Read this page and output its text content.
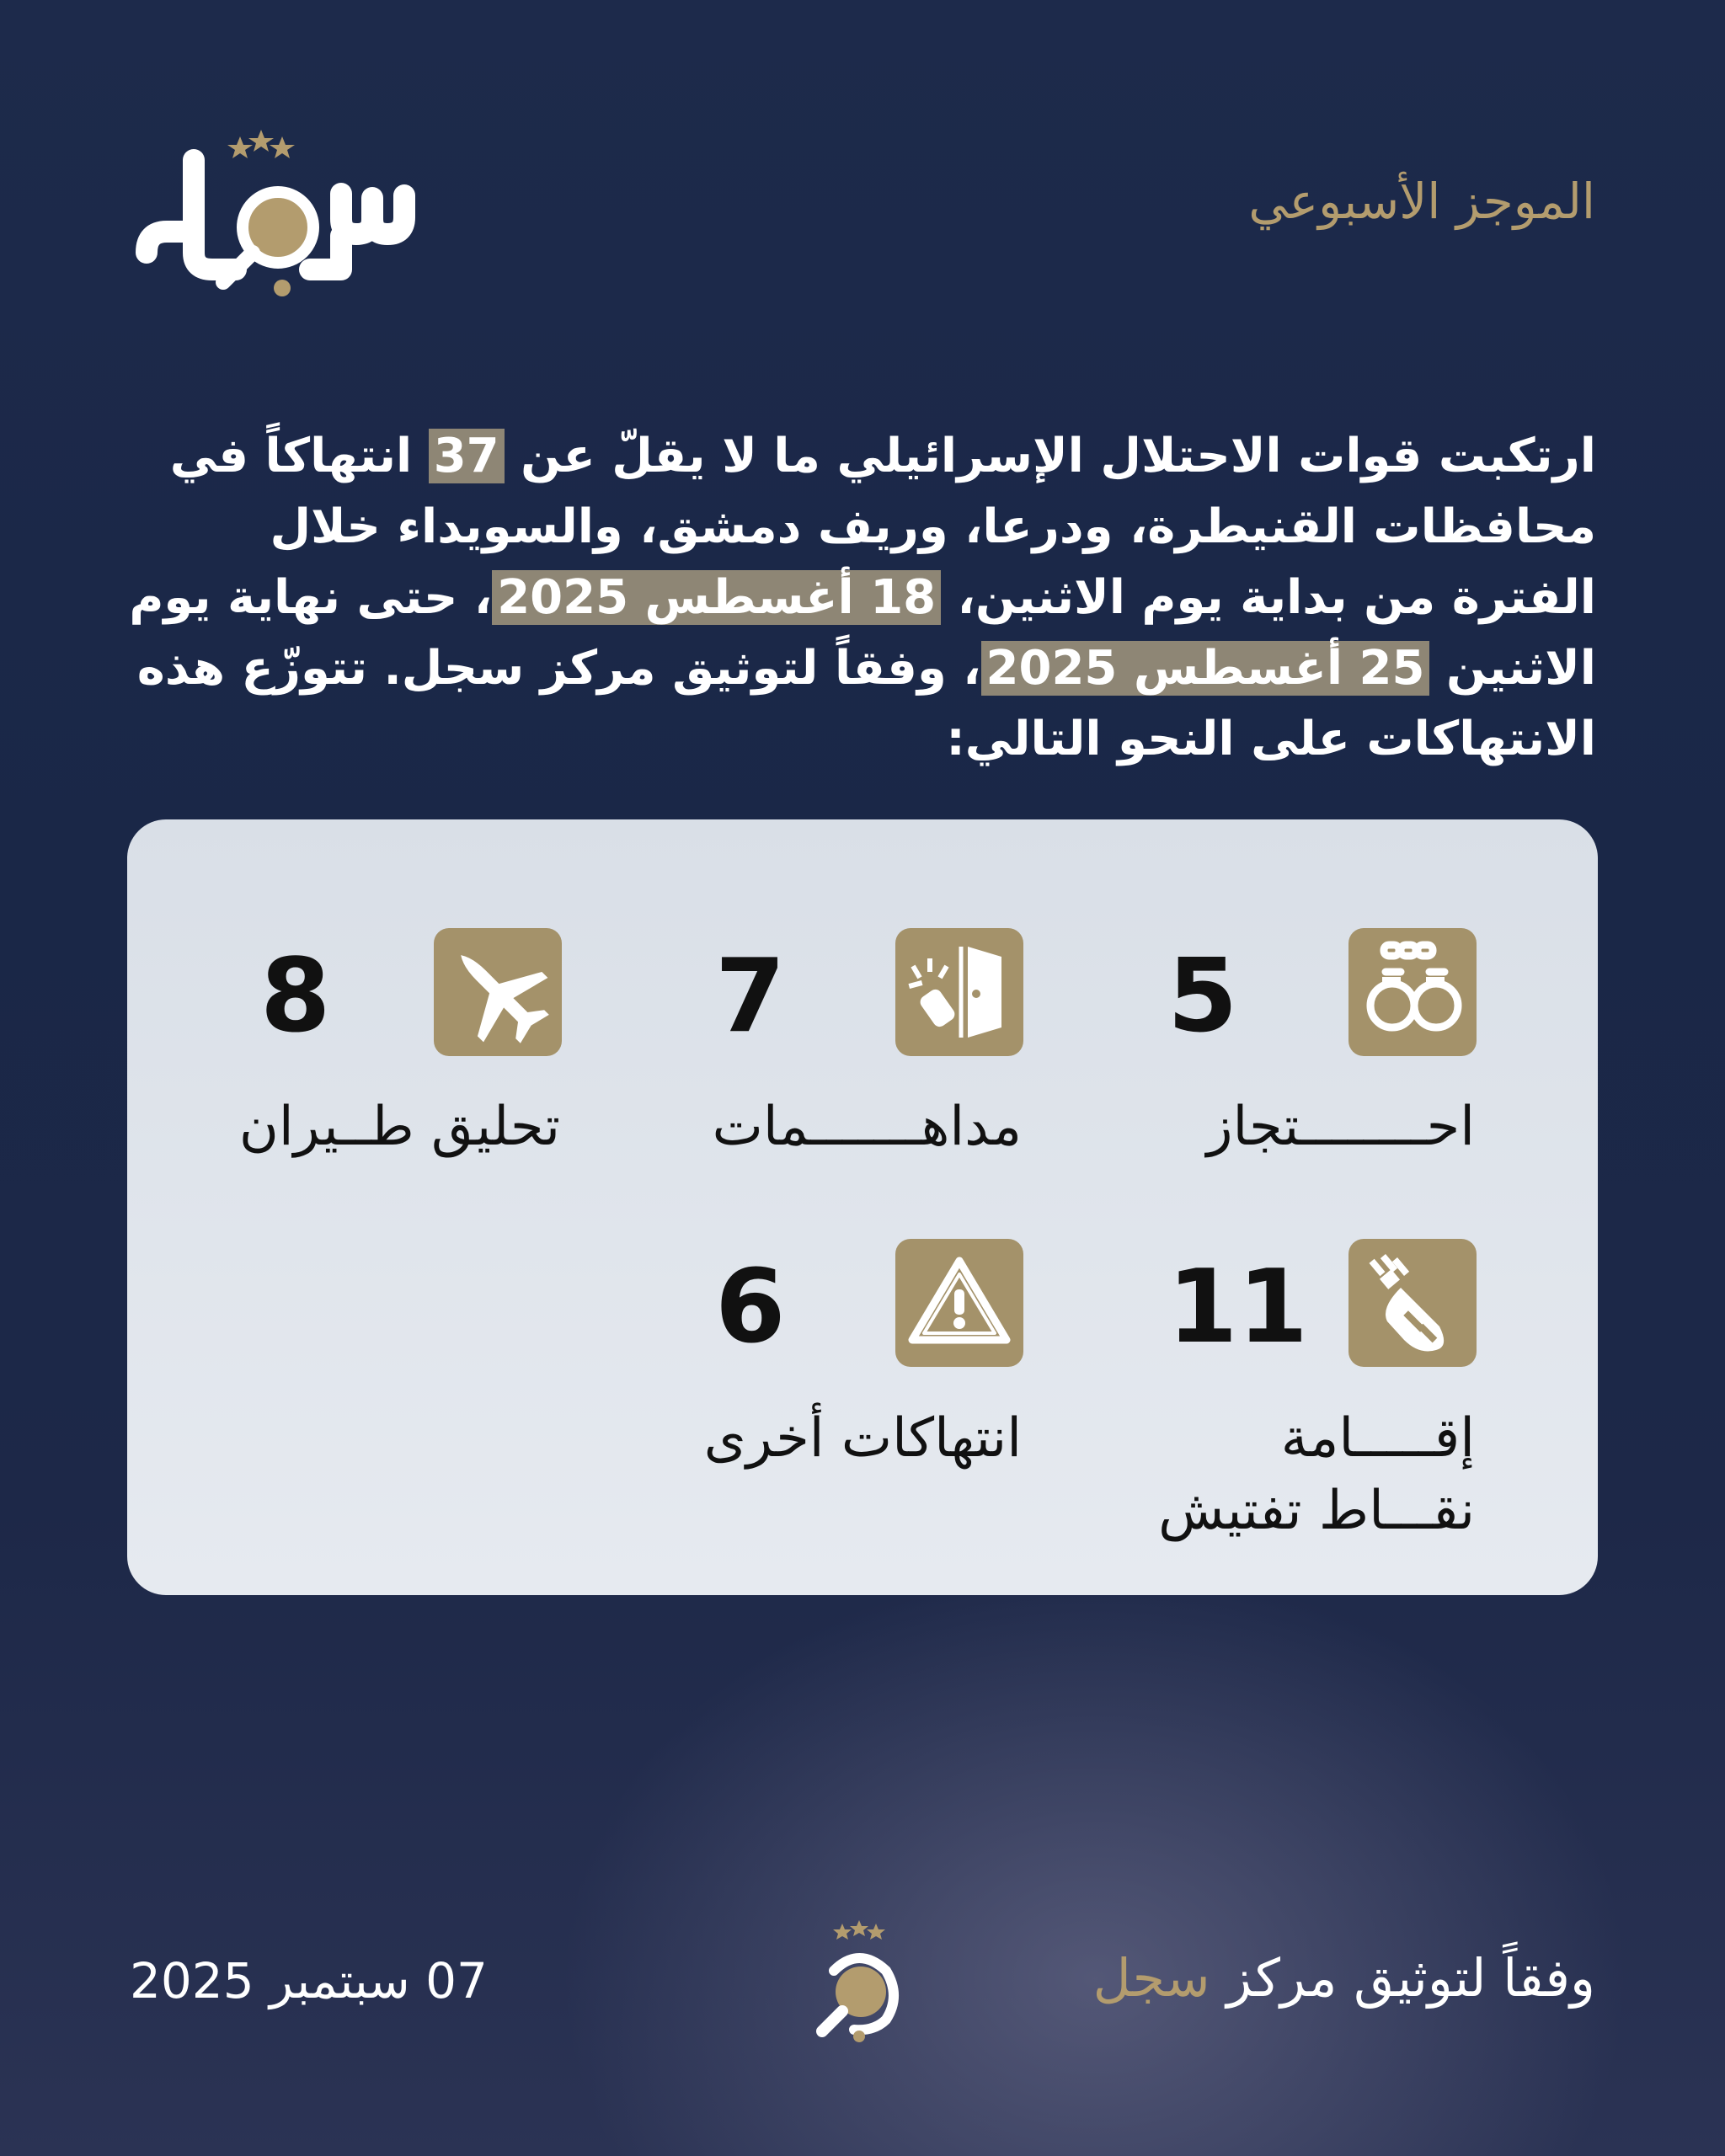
الموجز الأسبوعي
ارتكبت قوات الاحتلال الإسرائيلي ما لا يقلّ عن 37 انتهاكاً في محافظات القنيطرة، ودرعا، وريف دمشق، والسويداء خلال الفترة من بداية يوم الاثنين، 18 أغسطس 2025، حتى نهاية يوم الاثنين 25 أغسطس 2025، وفقاً لتوثيق مركز سجل. تتوزّع هذه الانتهاكات على النحو التالي:
5
احــــــــتجاز
7
مداهـــــــمات
8
تحليق طــيران
11
إقـــــامة
نقـــاط تفتيش
6
انتهاكات أخرى
07 سبتمبر 2025	وفقاً لتوثيق مركز سجل
